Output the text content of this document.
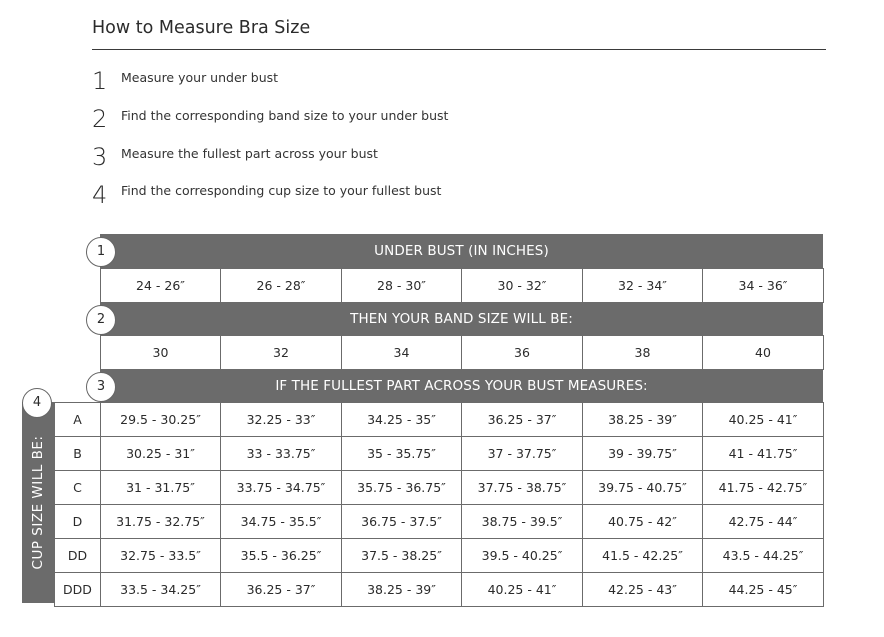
How to Measure Bra Size
1 Measure your under bust
2 Find the corresponding band size to your under bust
3 Measure the fullest part across your bust
4 Find the corresponding cup size to your fullest bust
UNDER BUST (IN INCHES)
1
24 - 26″	26 - 28″	28 - 30″	30 - 32″	32 - 34″	34 - 36″
THEN YOUR BAND SIZE WILL BE:
2
30	32	34	36	38	40
IF THE FULLEST PART ACROSS YOUR BUST MEASURES:
3
CUP SIZE WILL BE:
4
A	29.5 - 30.25″	32.25 - 33″	34.25 - 35″	36.25 - 37″	38.25 - 39″	40.25 - 41″
B	30.25 - 31″	33 - 33.75″	35 - 35.75″	37 - 37.75″	39 - 39.75″	41 - 41.75″
C	31 - 31.75″	33.75 - 34.75″	35.75 - 36.75″	37.75 - 38.75″	39.75 - 40.75″	41.75 - 42.75″
D	31.75 - 32.75″	34.75 - 35.5″	36.75 - 37.5″	38.75 - 39.5″	40.75 - 42″	42.75 - 44″
DD	32.75 - 33.5″	35.5 - 36.25″	37.5 - 38.25″	39.5 - 40.25″	41.5 - 42.25″	43.5 - 44.25″
DDD	33.5 - 34.25″	36.25 - 37″	38.25 - 39″	40.25 - 41″	42.25 - 43″	44.25 - 45″
